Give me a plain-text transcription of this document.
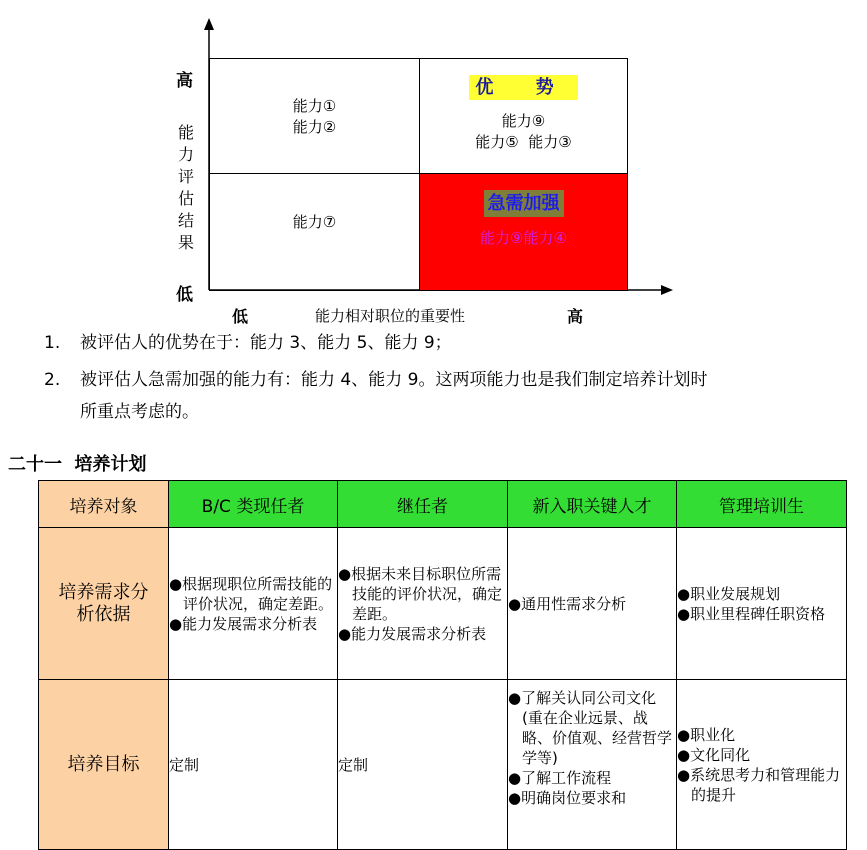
高
低
能
力
评
估
结
果
低	能力相对职位的重要性	高
能力①
能力②
优 势
能力⑨
能力⑤  能力③
能力⑦
急需加强
能力⑨能力④
1. 被评估人的优势在于：能力 3、能力 5、能力 9；
2. 被评估人急需加强的能力有：能力 4、能力 9。这两项能力也是我们制定培养计划时
所重点考虑的。
二十一  培养计划
培养对象	B/C 类现任者	继任者	新入职关键人才	管理培训生

培养需求分
析依据	●根据现职位所需技能的评价状况，确定差距。
●能力发展需求分析表	●根据未来目标职位所需技能的评价状况，确定差距。
●能力发展需求分析表	●通用性需求分析	●职业发展规划
●职业里程碑任职资格

培养目标	定制	定制	●了解关认同公司文化(重在企业远景、战略、价值观、经营哲学学等)
●了解工作流程
●明确岗位要求和	●职业化
●文化同化
●系统思考力和管理能力的提升
